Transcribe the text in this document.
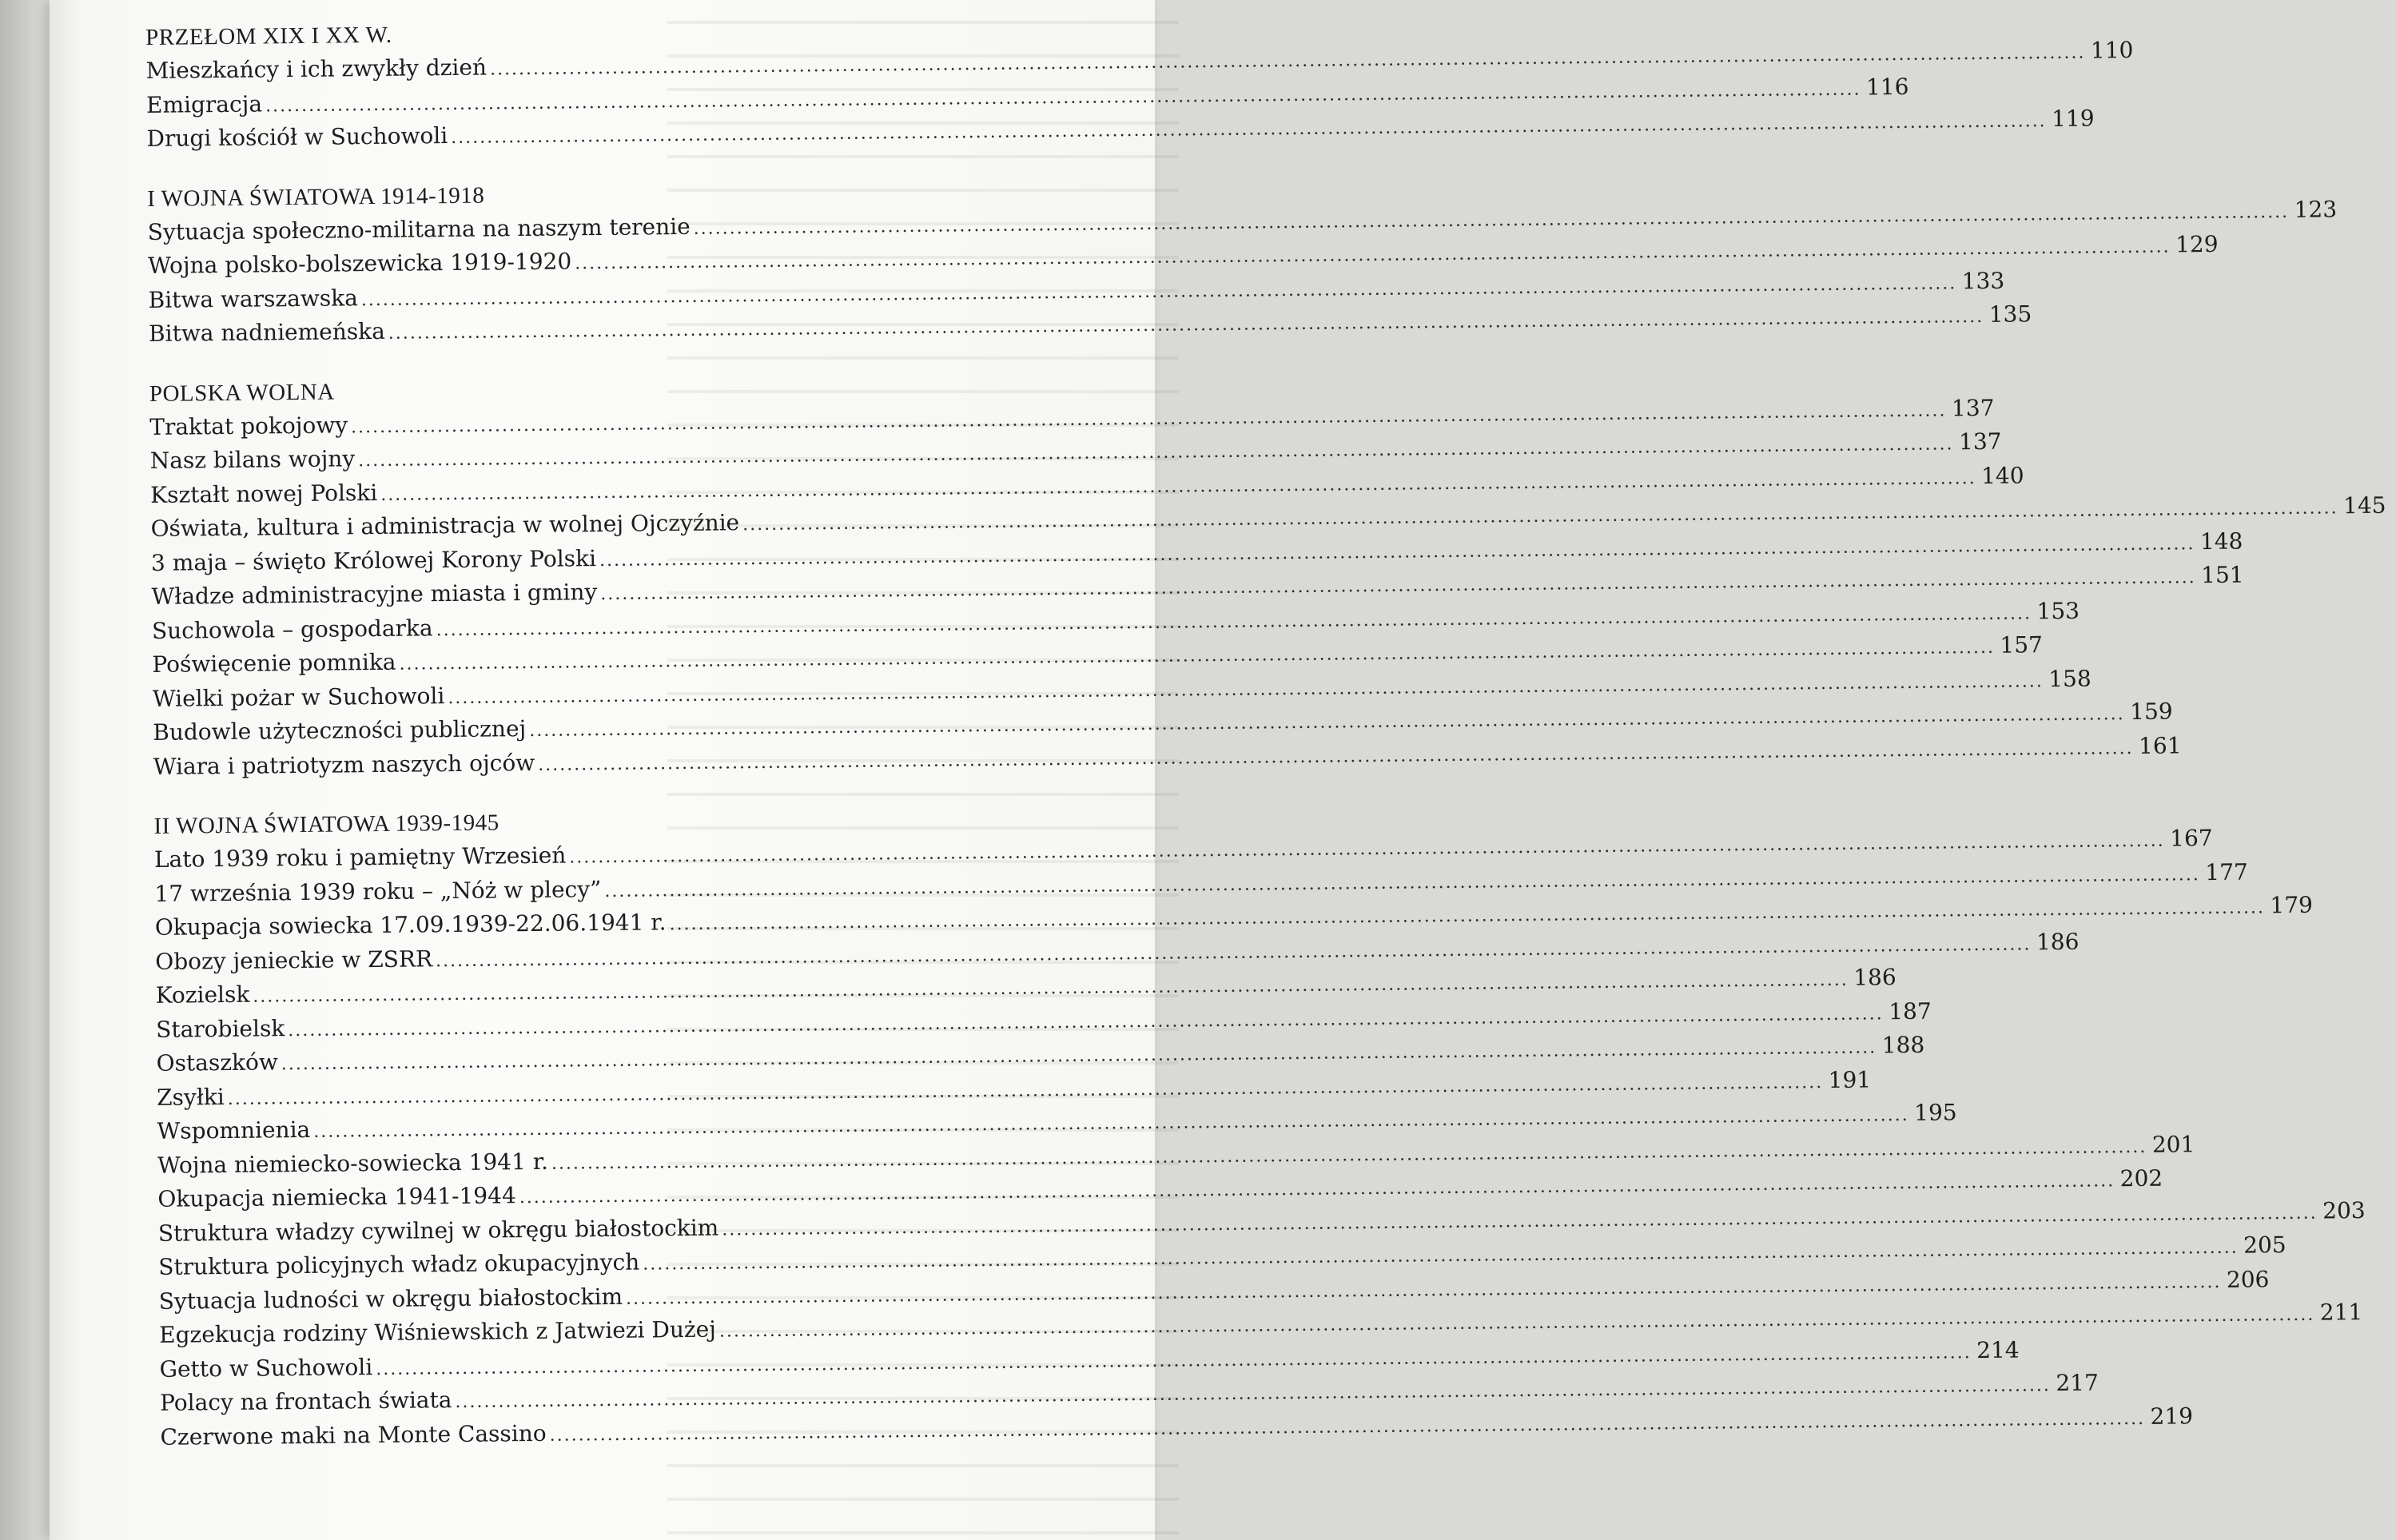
PRZEŁOM XIX I XX W.
Mieszkańcy i ich zwykły dzień
.....
110
Emigracja
.....
116
Drugi kościół w Suchowoli
.....
119
I WOJNA ŚWIATOWA 1914-1918
Sytuacja społeczno-militarna na naszym terenie
.....
123
Wojna polsko-bolszewicka 1919-1920
.....
129
Bitwa warszawska
.....
133
Bitwa nadniemeńska
.....
135
POLSKA WOLNA
Traktat pokojowy
.....
137
Nasz bilans wojny
.....
137
Kształt nowej Polski
.....
140
Oświata, kultura i administracja w wolnej Ojczyźnie
.....
145
3 maja – święto Królowej Korony Polski
.....
148
Władze administracyjne miasta i gminy
.....
151
Suchowola – gospodarka
.....
153
Poświęcenie pomnika
.....
157
Wielki pożar w Suchowoli
.....
158
Budowle użyteczności publicznej
.....
159
Wiara i patriotyzm naszych ojców
.....
161
II WOJNA ŚWIATOWA 1939-1945
Lato 1939 roku i pamiętny Wrzesień
.....
167
17 września 1939 roku – „Nóż w plecy”
.....
177
Okupacja sowiecka 17.09.1939-22.06.1941 r.
.....
179
Obozy jenieckie w ZSRR
.....
186
Kozielsk
.....
186
Starobielsk
.....
187
Ostaszków
.....
188
Zsyłki
.....
191
Wspomnienia
.....
195
Wojna niemiecko-sowiecka 1941 r.
.....
201
Okupacja niemiecka 1941-1944
.....
202
Struktura władzy cywilnej w okręgu białostockim
.....
203
Struktura policyjnych władz okupacyjnych
.....
205
Sytuacja ludności w okręgu białostockim
.....
206
Egzekucja rodziny Wiśniewskich z Jatwiezi Dużej
.....
211
Getto w Suchowoli
.....
214
Polacy na frontach świata
.....
217
Czerwone maki na Monte Cassino
.....
219
